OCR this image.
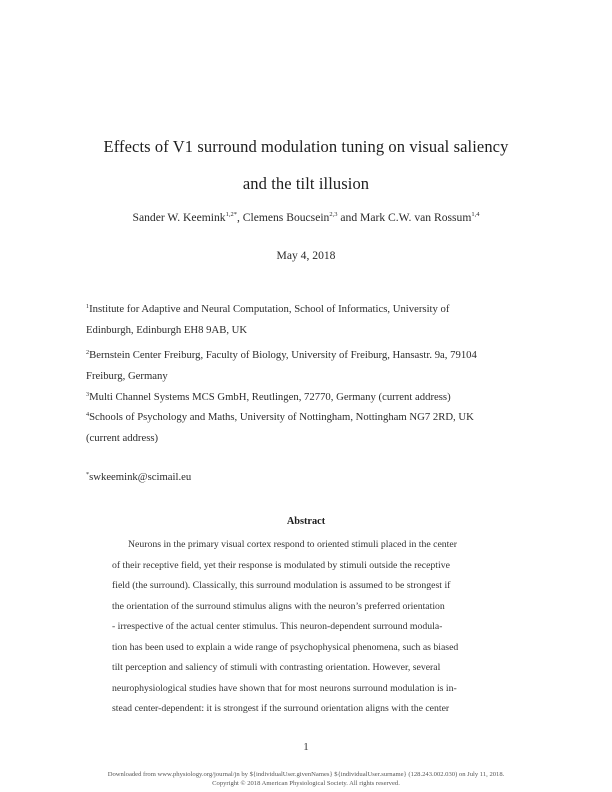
Effects of V1 surround modulation tuning on visual saliency
and the tilt illusion
Sander W. Keemink$^{1,2*}$, Clemens Boucsein$^{2,3}$ and Mark C.W. van Rossum$^{1,4}$
May 4, 2018
$^1$Institute for Adaptive and Neural Computation, School of Informatics, University of
Edinburgh, Edinburgh EH8 9AB, UK
$^2$Bernstein Center Freiburg, Faculty of Biology, University of Freiburg, Hansastr. 9a, 79104
Freiburg, Germany
$^3$Multi Channel Systems MCS GmbH, Reutlingen, 72770, Germany (current address)
$^4$Schools of Psychology and Maths, University of Nottingham, Nottingham NG7 2RD, UK
(current address)
*swkeemink@scimail.eu
Abstract
Neurons in the primary visual cortex respond to oriented stimuli placed in the center
of their receptive field, yet their response is modulated by stimuli outside the receptive
field (the surround). Classically, this surround modulation is assumed to be strongest if
the orientation of the surround stimulus aligns with the neuron’s preferred orientation
- irrespective of the actual center stimulus. This neuron-dependent surround modula-
tion has been used to explain a wide range of psychophysical phenomena, such as biased
tilt perception and saliency of stimuli with contrasting orientation. However, several
neurophysiological studies have shown that for most neurons surround modulation is in-
stead center-dependent: it is strongest if the surround orientation aligns with the center
1
Downloaded from www.physiology.org/journal/jn by ${individualUser.givenNames} ${individualUser.surname} (128.243.002.030) on July 11, 2018.
Copyright © 2018 American Physiological Society. All rights reserved.
